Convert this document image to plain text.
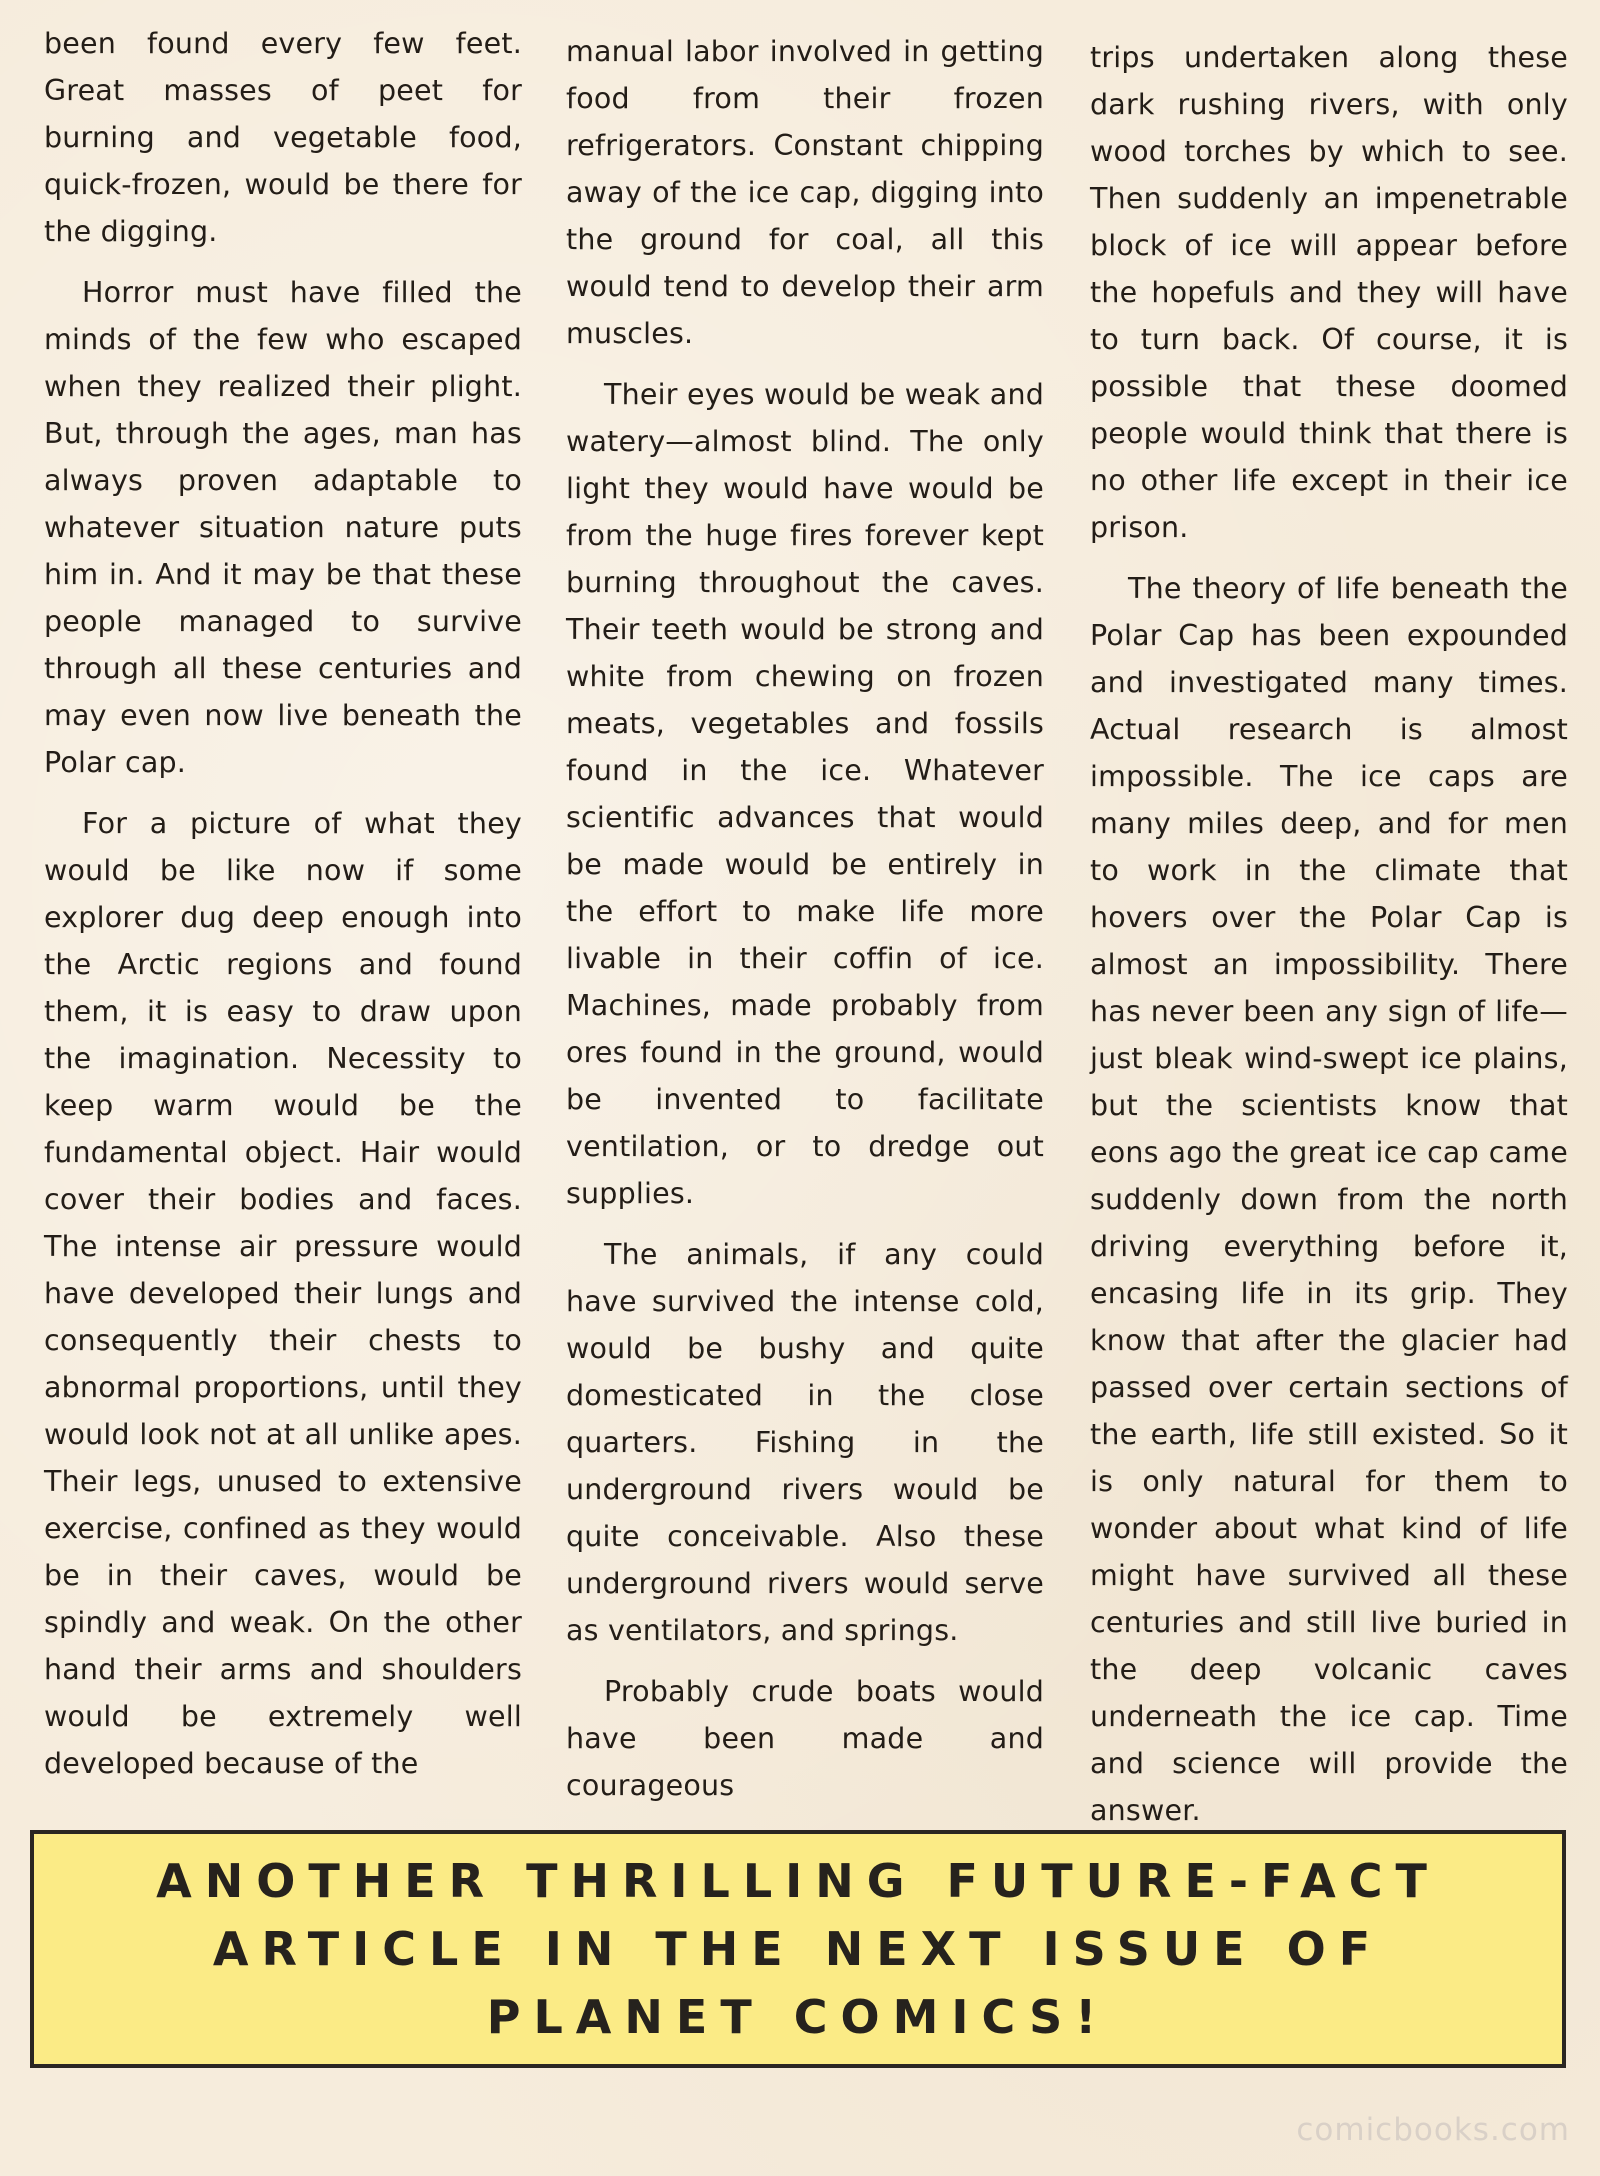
been found every few feet. Great masses of peet for burning and vegetable food, quick-frozen, would be there for the digging.

Horror must have filled the minds of the few who escaped when they realized their plight. But, through the ages, man has always proven adaptable to whatever situation nature puts him in. And it may be that these people managed to survive through all these centuries and may even now live beneath the Polar cap.

For a picture of what they would be like now if some explorer dug deep enough into the Arctic regions and found them, it is easy to draw upon the imagination. Necessity to keep warm would be the fundamental object. Hair would cover their bodies and faces. The intense air pressure would have developed their lungs and consequently their chests to abnormal proportions, until they would look not at all unlike apes. Their legs, unused to extensive exercise, confined as they would be in their caves, would be spindly and weak. On the other hand their arms and shoulders would be extremely well developed because of the

manual labor involved in getting food from their frozen refrigerators. Constant chipping away of the ice cap, digging into the ground for coal, all this would tend to develop their arm muscles.

Their eyes would be weak and watery—almost blind. The only light they would have would be from the huge fires forever kept burning throughout the caves. Their teeth would be strong and white from chewing on frozen meats, vegetables and fossils found in the ice. Whatever scientific advances that would be made would be entirely in the effort to make life more livable in their coffin of ice. Machines, made probably from ores found in the ground, would be invented to facilitate ventilation, or to dredge out supplies.

The animals, if any could have survived the intense cold, would be bushy and quite domesticated in the close quarters. Fishing in the underground rivers would be quite conceivable. Also these underground rivers would serve as ventilators, and springs.

Probably crude boats would have been made and courageous

trips undertaken along these dark rushing rivers, with only wood torches by which to see. Then suddenly an impenetrable block of ice will appear before the hopefuls and they will have to turn back. Of course, it is possible that these doomed people would think that there is no other life except in their ice prison.

The theory of life beneath the Polar Cap has been expounded and investigated many times. Actual research is almost impossible. The ice caps are many miles deep, and for men to work in the climate that hovers over the Polar Cap is almost an impossibility. There has never been any sign of life—just bleak wind-swept ice plains, but the scientists know that eons ago the great ice cap came suddenly down from the north driving everything before it, encasing life in its grip. They know that after the glacier had passed over certain sections of the earth, life still existed. So it is only natural for them to wonder about what kind of life might have survived all these centuries and still live buried in the deep volcanic caves underneath the ice cap. Time and science will provide the answer.

ANOTHER THRILLING FUTURE-FACT
ARTICLE IN THE NEXT ISSUE OF
PLANET COMICS!
comicbooks.com
